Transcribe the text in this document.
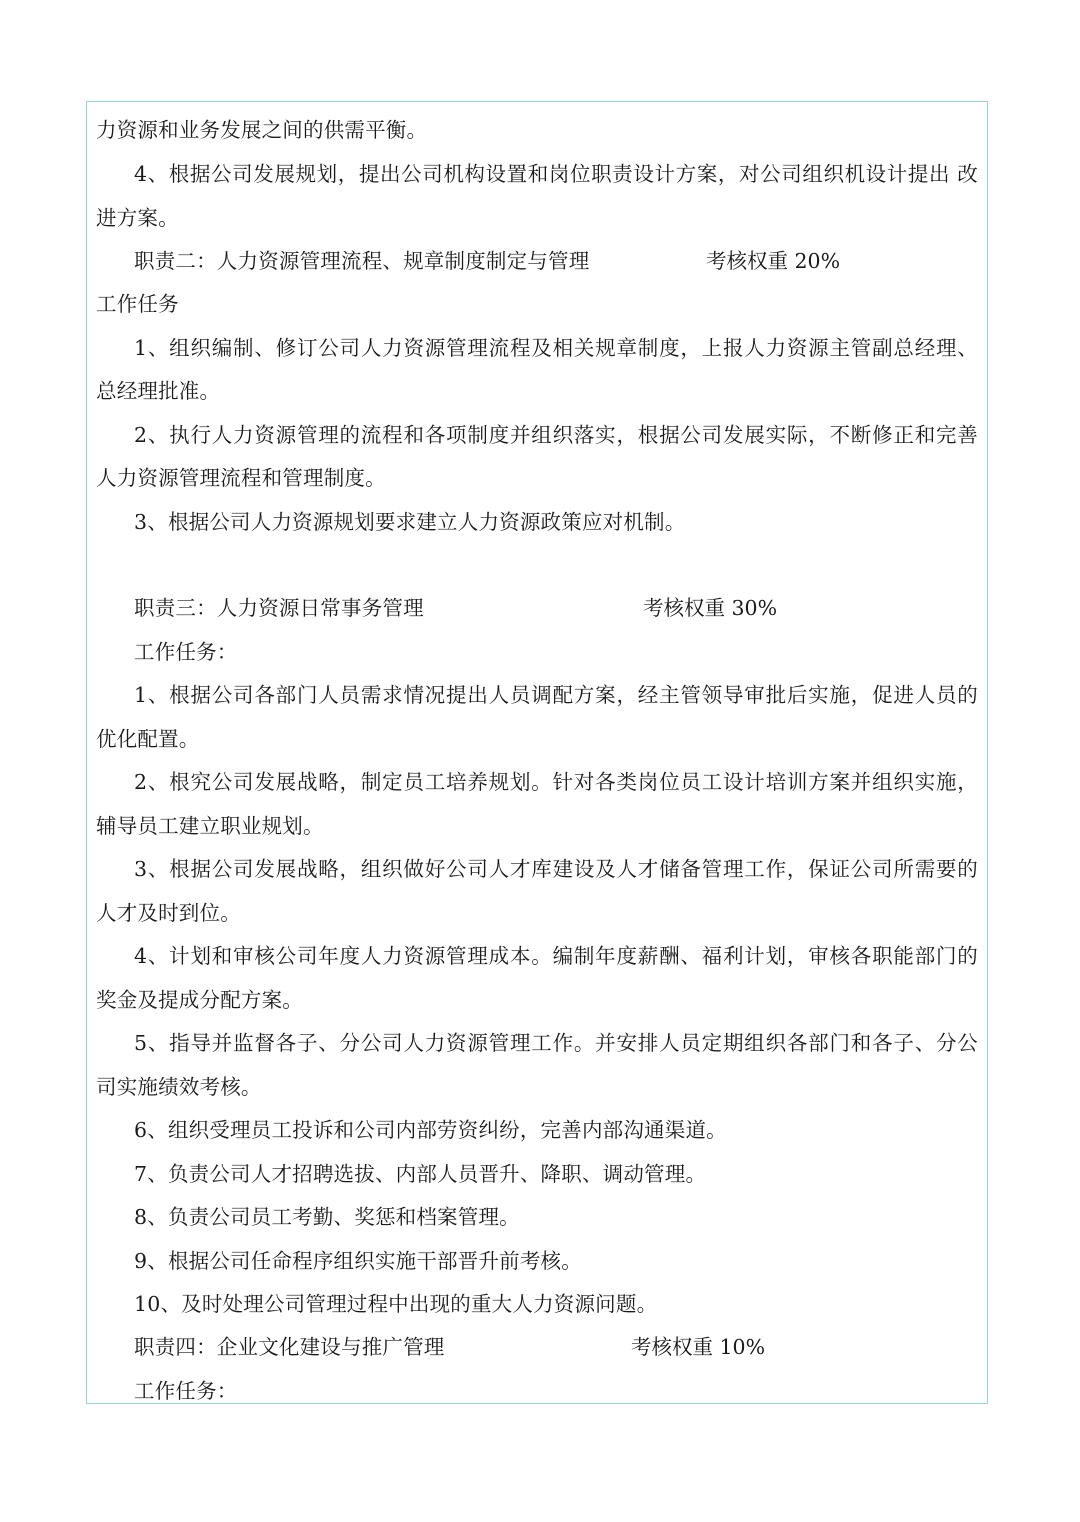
力资源和业务发展之间的供需平衡。
4、根据公司发展规划，提出公司机构设置和岗位职责设计方案，对公司组织机设计提出 改
进方案。
职责二：人力资源管理流程、规章制度制定与管理	考核权重 20%
工作任务
1、组织编制、修订公司人力资源管理流程及相关规章制度，上报人力资源主管副总经理、
总经理批准。
2、执行人力资源管理的流程和各项制度并组织落实，根据公司发展实际，不断修正和完善
人力资源管理流程和管理制度。
3、根据公司人力资源规划要求建立人力资源政策应对机制。
职责三：人力资源日常事务管理	考核权重 30%
工作任务：
1、根据公司各部门人员需求情况提出人员调配方案，经主管领导审批后实施，促进人员的
优化配置。
2、根究公司发展战略，制定员工培养规划。针对各类岗位员工设计培训方案并组织实施，
辅导员工建立职业规划。
3、根据公司发展战略，组织做好公司人才库建设及人才储备管理工作，保证公司所需要的
人才及时到位。
4、计划和审核公司年度人力资源管理成本。编制年度薪酬、福利计划，审核各职能部门的
奖金及提成分配方案。
5、指导并监督各子、分公司人力资源管理工作。并安排人员定期组织各部门和各子、分公
司实施绩效考核。
6、组织受理员工投诉和公司内部劳资纠纷，完善内部沟通渠道。
7、负责公司人才招聘选拔、内部人员晋升、降职、调动管理。
8、负责公司员工考勤、奖惩和档案管理。
9、根据公司任命程序组织实施干部晋升前考核。
10、及时处理公司管理过程中出现的重大人力资源问题。
职责四：企业文化建设与推广管理	考核权重 10%
工作任务：
